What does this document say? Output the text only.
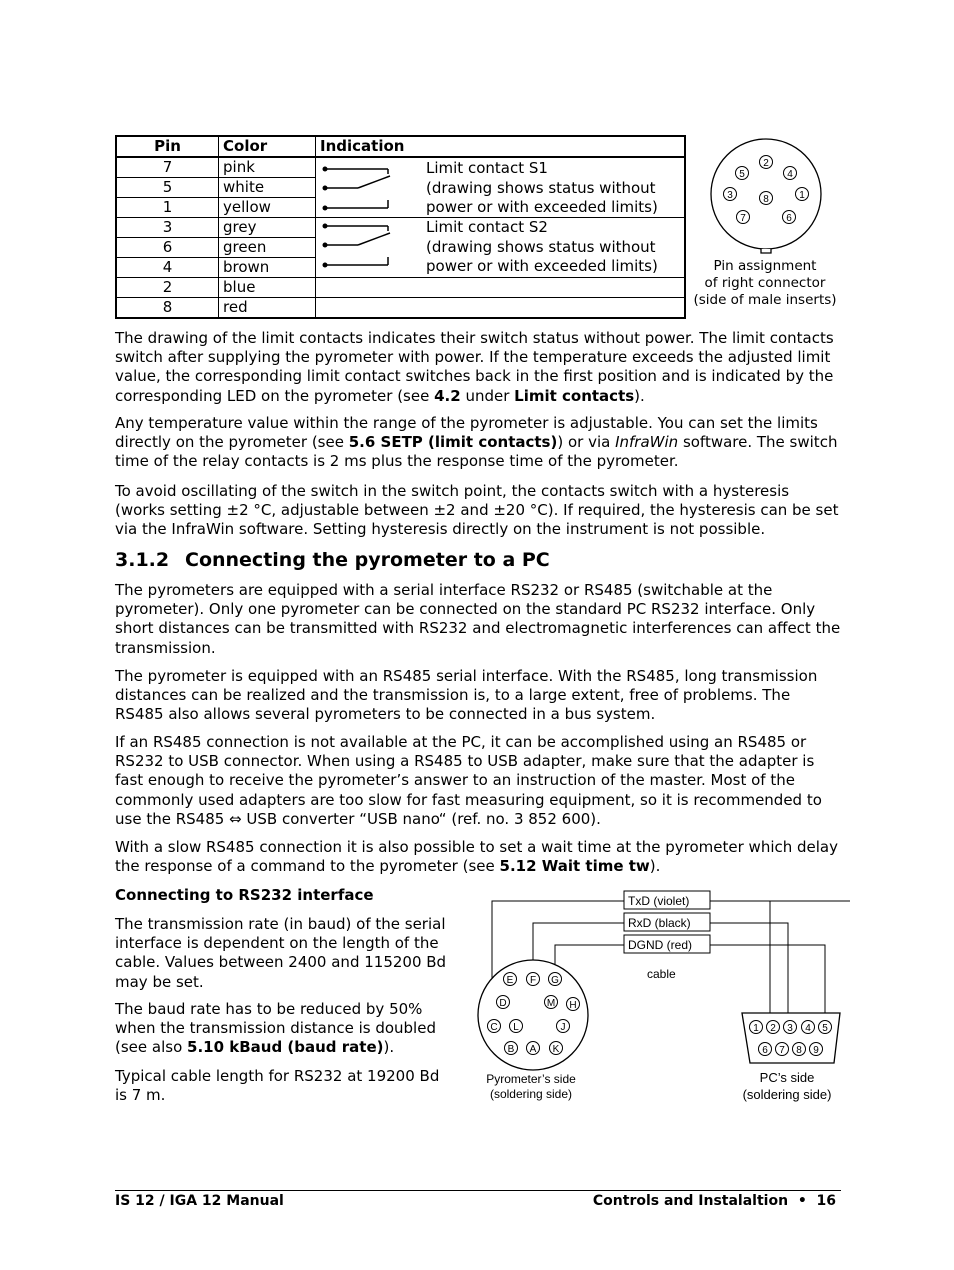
Pin	Color	Indication
7	pink	Limit contact S1
(drawing shows status without
power or with exceeded limits)

5	white	
1	yellow	
3	grey	Limit contact S2
(drawing shows status without
power or with exceeded limits)

6	green	
4	brown	
2	blue	
8	red	
2
5	4
3	8	1
7	6
Pin assignment
of right connector
(side of male inserts)

The drawing of the limit contacts indicates their switch status without power. The limit contacts switch after supplying the pyrometer with power. If the temperature exceeds the adjusted limit value, the corresponding limit contact switches back in the first position and is indicated by the corresponding LED on the pyrometer (see 4.2 under Limit contacts).

Any temperature value within the range of the pyrometer is adjustable. You can set the limits directly on the pyrometer (see 5.6 SETP (limit contacts)) or via InfraWin software. The switch time of the relay contacts is 2 ms plus the response time of the pyrometer.

To avoid oscillating of the switch in the switch point, the contacts switch with a hysteresis (works setting ±2 °C, adjustable between ±2 and ±20 °C). If required, the hysteresis can be set via the InfraWin software. Setting hysteresis directly on the instrument is not possible.

3.1.2 Connecting the pyrometer to a PC

The pyrometers are equipped with a serial interface RS232 or RS485 (switchable at the pyrometer). Only one pyrometer can be connected on the standard PC RS232 interface. Only short distances can be transmitted with RS232 and electromagnetic interferences can affect the transmission.

The pyrometer is equipped with an RS485 serial interface. With the RS485, long transmission distances can be realized and the transmission is, to a large extent, free of problems. The RS485 also allows several pyrometers to be connected in a bus system.

If an RS485 connection is not available at the PC, it can be accomplished using an RS485 or RS232 to USB connector. When using a RS485 to USB adapter, make sure that the adapter is fast enough to receive the pyrometer’s answer to an instruction of the master. Most of the commonly used adapters are too slow for fast measuring equipment, so it is recommended to use the RS485 ⇔ USB converter “USB nano“ (ref. no. 3 852 600).

With a slow RS485 connection it is also possible to set a wait time at the pyrometer which delay the response of a command to the pyrometer (see 5.12 Wait time tw).

Connecting to RS232 interface

The transmission rate (in baud) of the serial interface is dependent on the length of the cable. Values between 2400 and 115200 Bd may be set.

The baud rate has to be reduced by 50% when the transmission distance is doubled (see also 5.10 kBaud (baud rate)).

Typical cable length for RS232 at 19200 Bd is 7 m.

TxD (violet)
RxD (black)
DGND (red)
cable
E F G
D	M H
C L	J
B A K
Pyrometer’s side
(soldering side)
1 2 3 4 5
6 7 8 9
PC’s side
(soldering side)
IS 12 / IGA 12 Manual	Controls and Instalaltion • 16
